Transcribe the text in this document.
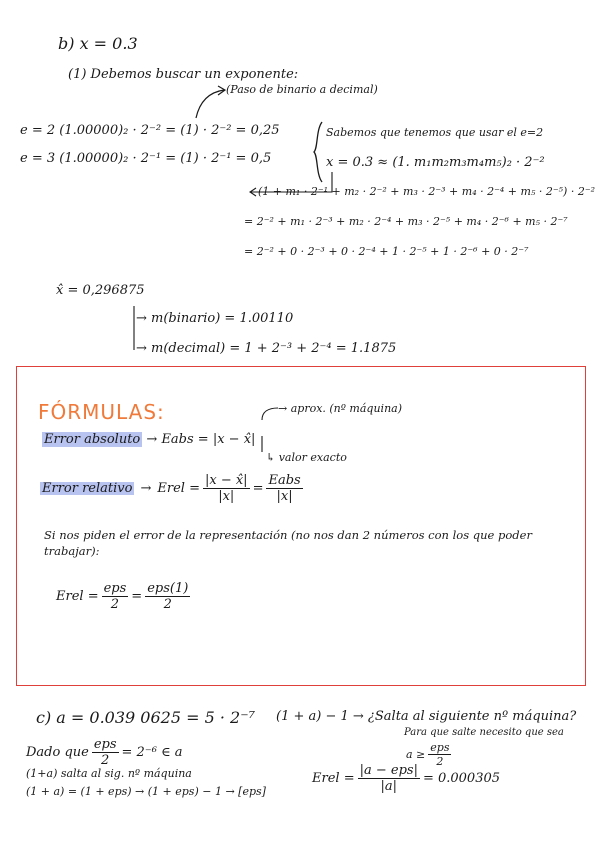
b) x = 0.3
(1) Debemos buscar un exponente:
(Paso de binario a decimal)
e = 2 (1.00000)₂ · 2⁻² = (1) · 2⁻² = 0,25
e = 3 (1.00000)₂ · 2⁻¹ = (1) · 2⁻¹ = 0,5
Sabemos que tenemos que usar el e=2
x = 0.3 ≈ (1. m₁m₂m₃m₄m₅)₂ · 2⁻²
(1 + m₁ · 2⁻¹ + m₂ · 2⁻² + m₃ · 2⁻³ + m₄ · 2⁻⁴ + m₅ · 2⁻⁵) · 2⁻²
= 2⁻² + m₁ · 2⁻³ + m₂ · 2⁻⁴ + m₃ · 2⁻⁵ + m₄ · 2⁻⁶ + m₅ · 2⁻⁷
= 2⁻² + 0 · 2⁻³ + 0 · 2⁻⁴ + 1 · 2⁻⁵ + 1 · 2⁻⁶ + 0 · 2⁻⁷
x̂ = 0,296875
→ m(binario) = 1.00110
→ m(decimal) = 1 + 2⁻³ + 2⁻⁴ = 1.1875
FÓRMULAS:	→ aprox. (nº máquina)
Error absoluto → Eabs = |x − x̂|
↳ valor exacto
Error relativo → Erel = $\frac{|x - x̂|}{|x|} = \frac{\text{Eabs}}{|x|}$
Si nos piden el error de la representación (no nos dan 2 números con los que poder
trabajar):
Erel = $\frac{\text{eps}}{2} = \frac{\text{eps(1)}}{2}$
c) a = 0.039 0625 = 5 · 2⁻⁷ (1 + a) − 1 → ¿Salta al siguiente nº máquina?
Para que salte necesito que sea
$a \ge \frac{\text{eps}}{2}$
Dado que $\frac{\text{eps}}{2} = 2^{-6}$ ∈ a
(1+a) salta al sig. nº máquina
(1 + a) = (1 + eps) → (1 + eps) − 1 → [eps]
Erel = $\frac{\text{|a − eps|}}{|a|} = 0.000305$
